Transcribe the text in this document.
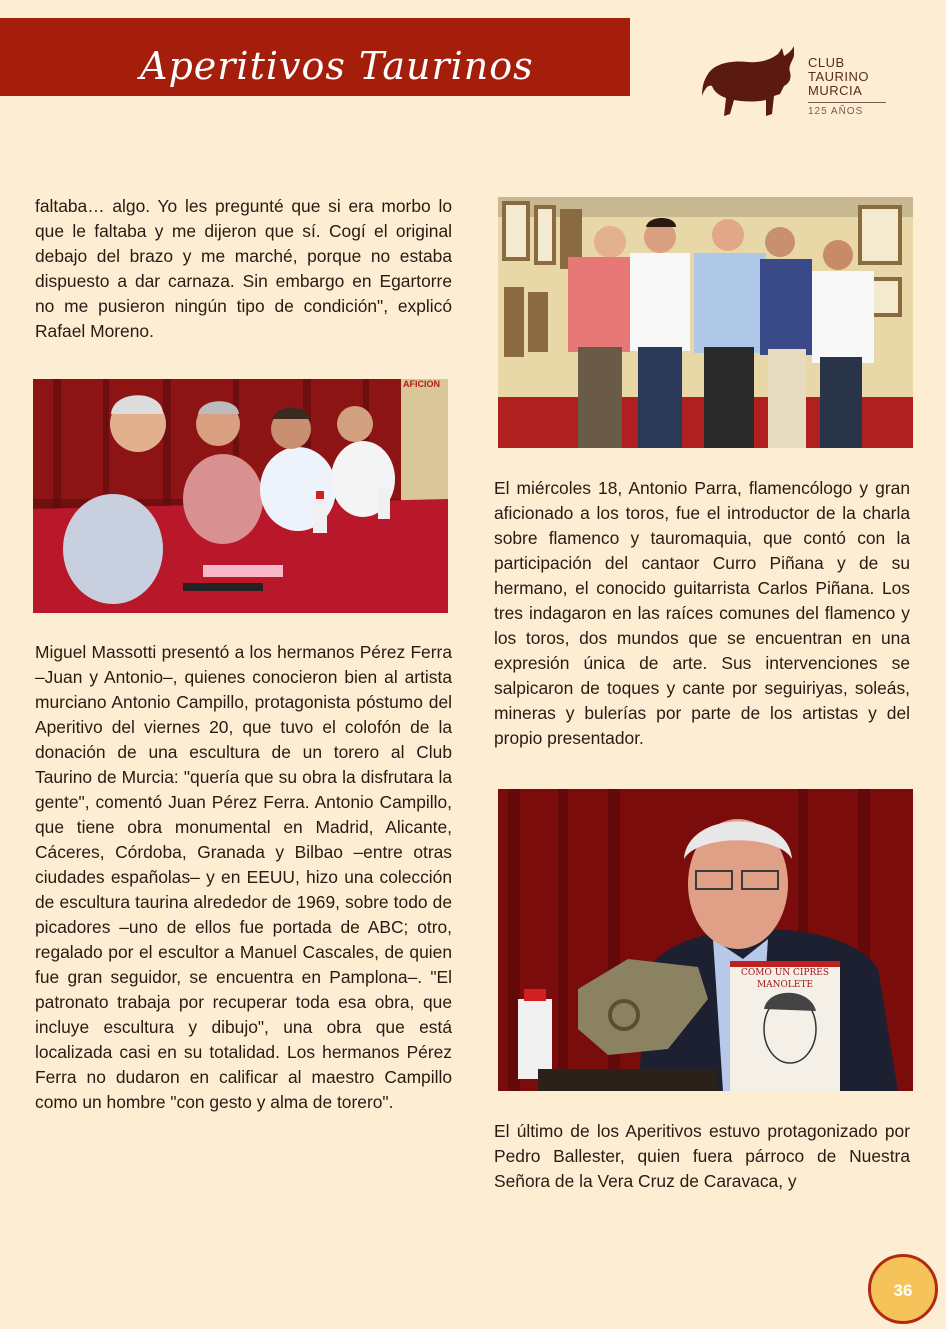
Aperitivos Taurinos	CLUB
TAURINO
MURCIA
125 AÑOS

faltaba… algo. Yo les pregunté que si era morbo lo que le faltaba y me dijeron que sí. Cogí el original debajo del brazo y me marché, porque no estaba dispuesto a dar carnaza. Sin embargo en Egartorre no me pusieron ningún tipo de condición", explicó Rafael Moreno.

AFICION

Miguel Massotti presentó a los hermanos Pérez Ferra –Juan y Antonio–, quienes conocieron bien al artista murciano Antonio Campillo, protagonista póstumo del Aperitivo del viernes 20, que tuvo el colofón de la donación de una escultura de un torero al Club Taurino de Murcia: "quería que su obra la disfrutara la gente", comentó Juan Pérez Ferra. Antonio Campillo, que tiene obra monumental en Madrid, Alicante, Cáceres, Córdoba, Granada y Bilbao –entre otras ciudades españolas– y en EEUU, hizo una colección de escultura taurina alrededor de 1969, sobre todo de picadores –uno de ellos fue portada de ABC; otro, regalado por el escultor a Manuel Cascales, de quien fue gran seguidor, se encuentra en Pamplona–. "El patronato trabaja por recuperar toda esa obra, que incluye escultura y dibujo", una obra que está localizada casi en su totalidad. Los hermanos Pérez Ferra no dudaron en calificar al maestro Campillo como un hombre "con gesto y alma de torero".

El miércoles 18, Antonio Parra, flamencólogo y gran aficionado a los toros, fue el introductor de la charla sobre flamenco y tauromaquia, que contó con la participación del cantaor Curro Piñana y de su hermano, el conocido guitarrista Carlos Piñana. Los tres indagaron en las raíces comunes del flamenco y los toros, dos mundos que se encuentran en una expresión única de arte. Sus intervenciones se salpicaron de toques y cante por seguiriyas, soleás, mineras y bulerías por parte de los artistas y del propio presentador.

COMO UN CIPRÉS
MANOLETE

El último de los Aperitivos estuvo protagonizado por Pedro Ballester, quien fuera párroco de Nuestra Señora de la Vera Cruz de Caravaca, y

36
